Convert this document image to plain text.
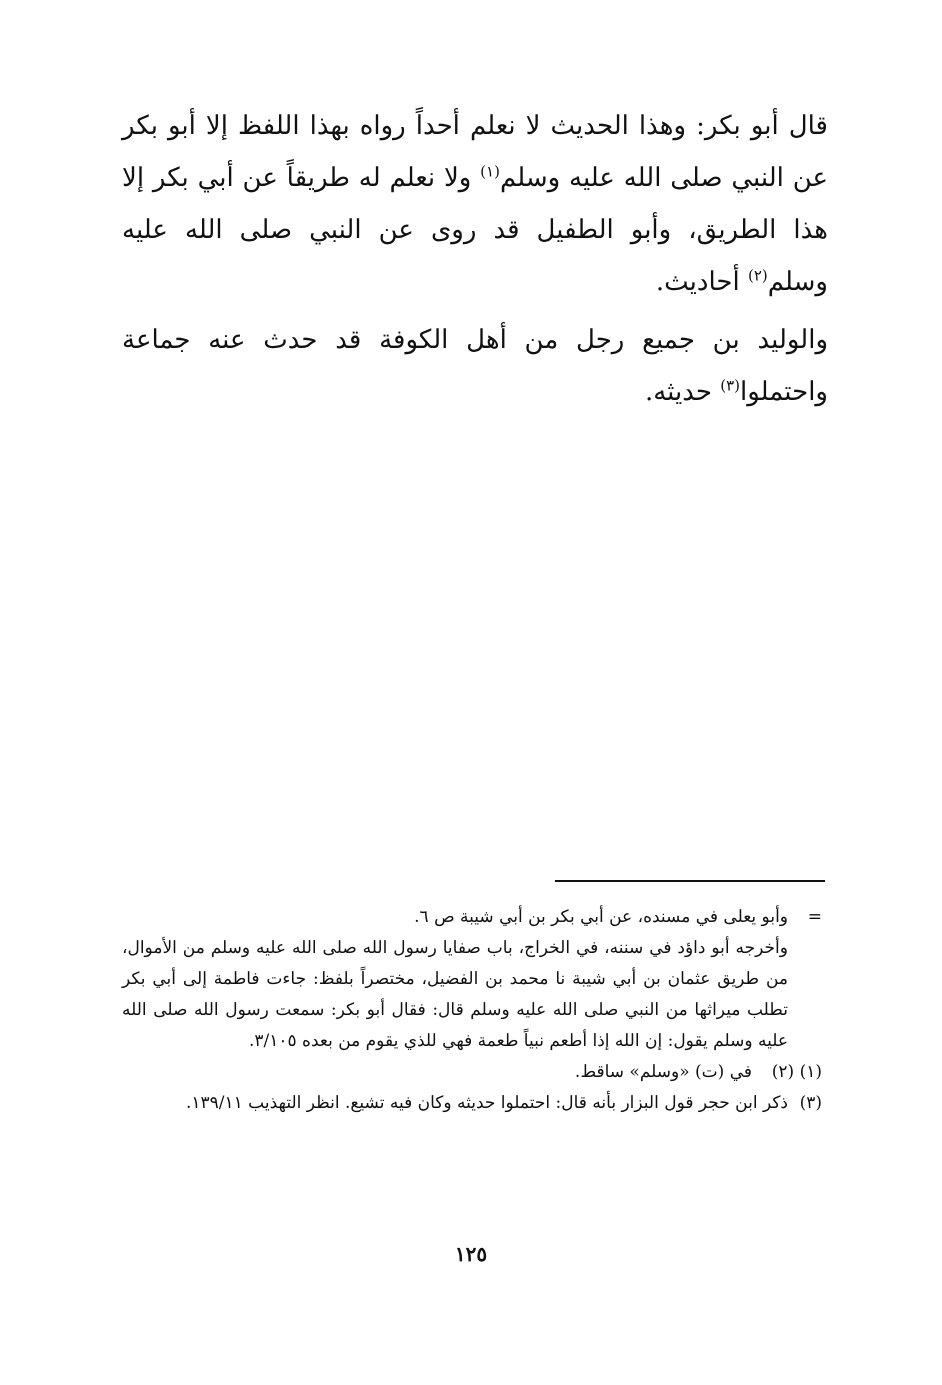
قال أبو بكر: وهذا الحديث لا نعلم أحداً رواه بهذا اللفظ إلا أبو بكر عن النبي صلى الله عليه وسلم$^{(١)}$ ولا نعلم له طريقاً عن أبي بكر إلا هذا الطريق، وأبو الطفيل قد روى عن النبي صلى الله عليه وسلم$^{(٢)}$ أحاديث.

والوليد بن جميع رجل من أهل الكوفة قد حدث عنه جماعة واحتملوا$^{(٣)}$ حديثه.

=
وأبو يعلى في مسنده، عن أبي بكر بن أبي شيبة ص ٦.
وأخرجه أبو داؤد في سننه، في الخراج، باب صفايا رسول الله صلى الله عليه وسلم من الأموال، من طريق عثمان بن أبي شيبة نا محمد بن الفضيل، مختصراً بلفظ: جاءت فاطمة إلى أبي بكر تطلب ميراثها من النبي صلى الله عليه وسلم قال: فقال أبو بكر: سمعت رسول الله صلى الله عليه وسلم يقول: إن الله إذا أطعم نبياً طعمة فهي للذي يقوم من بعده ٣/١٠٥.
(١) (٢)
في (ت) «وسلم» ساقط.
(٣)
ذكر ابن حجر قول البزار بأنه قال: احتملوا حديثه وكان فيه تشيع. انظر التهذيب ١٣٩/١١.
١٢٥
